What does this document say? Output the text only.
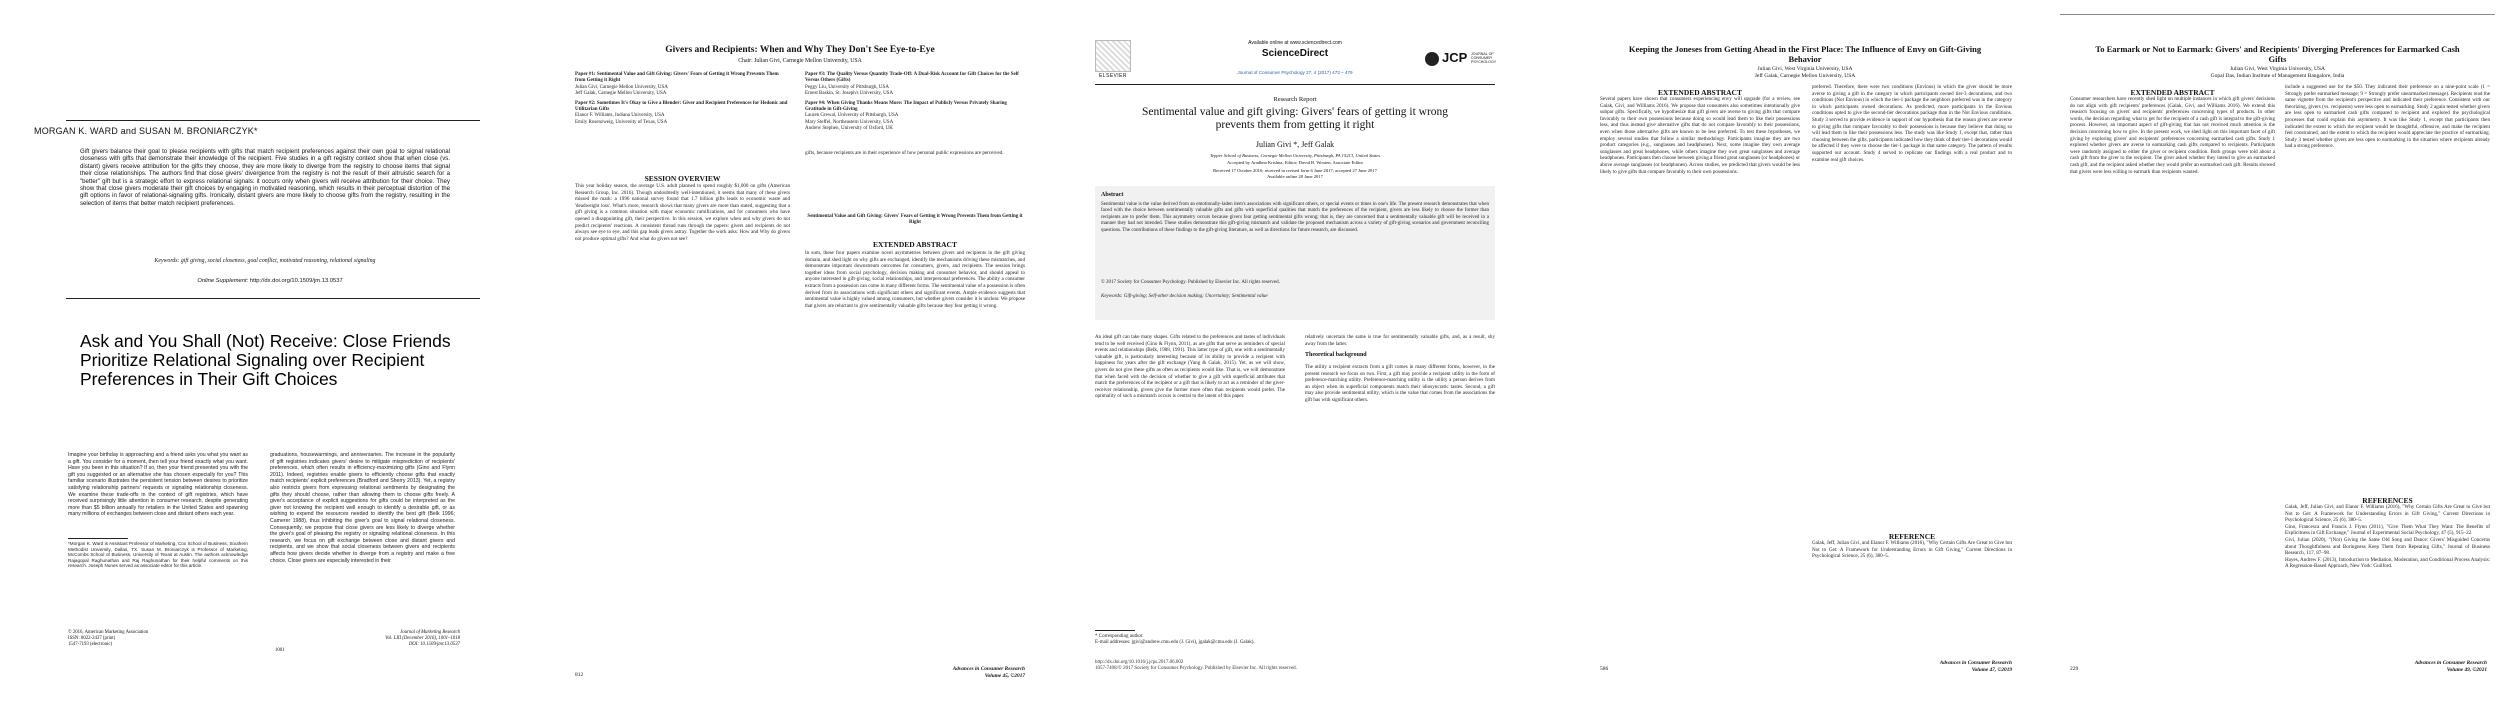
MORGAN K. WARD and SUSAN M. BRONIARCZYK*
Gift givers balance their goal to please recipients with gifts that match recipient preferences against their own goal to signal relational closeness with gifts that demonstrate their knowledge of the recipient. Five studies in a gift registry context show that when close (vs. distant) givers receive attribution for the gifts they choose, they are more likely to diverge from the registry to choose items that signal their close relationships. The authors find that close givers' divergence from the registry is not the result of their altruistic search for a "better" gift but is a strategic effort to express relational signals: it occurs only when givers will receive attribution for their choice. They show that close givers moderate their gift choices by engaging in motivated reasoning, which results in their perceptual distortion of the gift options in favor of relational-signaling gifts. Ironically, distant givers are more likely to choose gifts from the registry, resulting in the selection of items that better match recipient preferences.
Keywords: gift giving, social closeness, goal conflict, motivated reasoning, relational signaling
Online Supplement: http://dx.doi.org/10.1509/jm.13.0537
Ask and You Shall (Not) Receive: Close Friends Prioritize Relational Signaling over Recipient Preferences in Their Gift Choices
Imagine your birthday is approaching and a friend asks you what you want as a gift. You consider for a moment, then tell your friend exactly what you want. Have you been in this situation? If so, then your friend presented you with the gift you suggested or an alternative she has chosen especially for you? This familiar scenario illustrates the persistent tension between desires to prioritize satisfying relationship partners' requests or signaling relationship closeness. We examine these trade-offs in the context of gift registries, which have received surprisingly little attention in consumer research, despite generating more than $5 billion annually for retailers in the United States and spawning many millions of exchanges between close and distant others each year.
graduations, housewarmings, and anniversaries. The increase in the popularity of gift registries indicates givers' desire to mitigate misprediction of recipients' preferences, which often results in efficiency-maximizing gifts (Gino and Flynn 2011). Indeed, registries enable givers to efficiently choose gifts that exactly match recipients' explicit preferences (Bradford and Sherry 2013). Yet, a registry also restricts givers from expressing relational sentiments by designating the gifts they should choose, rather than allowing them to choose gifts freely. A giver's acceptance of explicit suggestions for gifts could be interpreted as the giver not knowing the recipient well enough to identify a desirable gift, or as wishing to expend the resources needed to identify the best gift (Belk 1996; Camerer 1988), thus inhibiting the giver's goal to signal relational closeness. Consequently, we propose that close givers are less likely to diverge whether the giver's goal of pleasing the registry or signaling relational closeness. In this research, we focus on gift exchange between close and distant givers and recipients, and we show that social closeness between givers and recipients affects how givers decide whether to diverge from a registry and make a free choice. Close givers are especially interested in their
*Morgan K. Ward is Assistant Professor of Marketing, Cox School of Business, Southern Methodist University, Dallas, TX. Susan M. Broniarczyk is Professor of Marketing, McCombs School of Business, University of Texas at Austin. The authors acknowledge Rajagopal Raghunathan and Raj Raghunathan for their helpful comments on this research. Joseph Nunes served as associate editor for this article.
© 2016, American Marketing Association
ISSN: 0022-2437 (print)
1547-7193 (electronic)
1001
Journal of Marketing Research
Vol. LIII (December 2016), 1001–1018
DOI: 10.1509/jmr.13.0537
Givers and Recipients: When and Why They Don't See Eye-to-Eye
Chair: Julian Givi, Carnegie Mellon University, USA
Paper #1: Sentimental Value and Gift Giving: Givers' Fears of Getting it Wrong Prevents Them from Getting it Right
Julian Givi, Carnegie Mellon University, USA
Jeff Galak, Carnegie Mellon University, USA
Paper #2: Sometimes It's Okay to Give a Blender: Giver and Recipient Preferences for Hedonic and Utilitarian Gifts
Elanor F. Williams, Indiana University, USA
Emily Rosenzweig, University of Texas, USA
Paper #3: The Quality Versus Quantity Trade-Off: A Dual-Risk Account for Gift Choices for the Self Versus Others (Gifts)
Peggy Liu, University of Pittsburgh, USA
Ernest Baskin, St. Joseph's University, USA
Paper #4: When Giving Thanks Means More: The Impact of Publicly Versus Privately Sharing Gratitude in Gift-Giving
Lauren Grewal, University of Pittsburgh, USA
Mary Steffel, Northeastern University, USA
Andrew Stephen, University of Oxford, UK
SESSION OVERVIEW
This year holiday season, the average U.S. adult planned to spend roughly $1,000 on gifts (American Research Group, Inc. 2016). Though undoubtedly well-intentioned, it seems that many of these givers missed the mark: a 1996 national survey found that 1.7 billion gifts leads to economic waste and 'deadweight loss'. What's more, research shows that many givers are more than stated, suggesting that a gift giving is a common situation with major economic ramifications, and for consumers who have opened a disappointing gift, their perspective. In this session, we explore when and why givers do not predict recipients' reactions. A consistent thread runs through the papers: givers and recipients do not always see eye to eye, and this gap leads givers astray. Together the work asks: How and Why do givers not produce optimal gifts? And what do givers not see?
gifts, because recipients are in their experience of how personal public expressions are perceived.
EXTENDED ABSTRACT
Sentimental Value and Gift Giving: Givers' Fears of Getting it Wrong Prevents Them from Getting it Right
In sum, these four papers examine novel asymmetries between givers and recipients in the gift giving domain, and shed light on why gifts are exchanged, identify the mechanisms driving these mismatches, and demonstrate important downstream outcomes for consumers, givers, and recipients. The session brings together ideas from social psychology, decision making and consumer behavior, and should appeal to anyone interested in gift-giving, social relationships, and interpersonal preferences. The ability a consumer extracts from a possession can come in many different forms. The sentimental value of a possession is often derived from its associations with significant others and significant events. Ample evidence suggests that sentimental value is highly valued among consumers, but whether givers consider it is unclear. We propose that givers are reluctant to give sentimentally valuable gifts because they fear getting it wrong.
812
Advances in Consumer Research
Volume 45, ©2017
ELSEVIER
Available online at www.sciencedirect.com
ScienceDirect
Journal of Consumer Psychology 27, 4 (2017) 473 – 479
JCP JOURNAL OF CONSUMER PSYCHOLOGY
Research Report
Sentimental value and gift giving: Givers' fears of getting it wrong prevents them from getting it right
Julian Givi *, Jeff Galak
Tepper School of Business, Carnegie Mellon University, Pittsburgh, PA 15213, United States
Accepted by Aradhna Krishna, Editor; David B. Wooten, Associate Editor
Received 17 October 2016; received in revised form 6 June 2017; accepted 27 June 2017
Available online 28 June 2017
Abstract
Sentimental value is the value derived from an emotionally-laden item's associations with significant others, or special events or times in one's life. The present research demonstrates that when faced with the choice between sentimentally valuable gifts and gifts with superficial qualities that match the preferences of the recipient, givers are less likely to choose the former than recipients are to prefer them. This asymmetry occurs because givers fear getting sentimental gifts wrong; that is, they are concerned that a sentimentally valuable gift will be received in a manner they had not intended. These studies demonstrate this gift-giving mismatch and validate the proposed mechanism across a variety of gift-giving scenarios and government reconciling questions. The contributions of these findings to the gift-giving literature, as well as directions for future research, are discussed.
© 2017 Society for Consumer Psychology. Published by Elsevier Inc. All rights reserved.
Keywords: Gift-giving; Self-other decision making; Uncertainty; Sentimental value
An ideal gift can take many shapes. Gifts related to the preferences and tastes of individuals tend to be well received (Gino & Flynn, 2011), as are gifts that serve as reminders of special events and relationships (Belk, 1988, 1991). This latter type of gift, one with a sentimentally valuable gift, is particularly interesting because of its ability to provide a recipient with happiness for years after the gift exchange (Yang & Galak, 2015). Yet, as we will show, givers do not give these gifts as often as recipients would like. That is, we will demonstrate that when faced with the decision of whether to give a gift with superficial attributes that match the preferences of the recipient or a gift that is likely to act as a reminder of the giver-receiver relationship, givers give the former more often than recipients would prefer. The optimality of such a mismatch occurs is central to the intent of this paper.
relatively uncertain the same is true for sentimentally valuable gifts, and, as a result, shy away from the latter.
Theoretical background
The utility a recipient extracts from a gift comes in many different forms, however, in the present research we focus on two. First, a gift may provide a recipient utility in the form of preference-matching utility. Preference-matching utility is the utility a person derives from an object when its superficial components match their idiosyncratic tastes. Second, a gift may also provide sentimental utility, which is the value that comes from the associations the gift has with significant others.
* Corresponding author.
E-mail addresses: jgivi@andrew.cmu.edu (J. Givi), jgalak@cmu.edu (J. Galak).
http://dx.doi.org/10.1016/j.jcps.2017.06.002
1057-7408/© 2017 Society for Consumer Psychology. Published by Elsevier Inc. All rights reserved.
Keeping the Joneses from Getting Ahead in the First Place: The Influence of Envy on Gift-Giving Behavior
Julian Givi, West Virginia University, USA
Jeff Galak, Carnegie Mellon University, USA
EXTENDED ABSTRACT
Several papers have shown that consumers experiencing envy will upgrade (for a review, see Galak, Givi, and Williams 2016). We propose that consumers also sometimes intentionally give subpar gifts. Specifically, we hypothesize that gift givers are averse to giving gifts that compare favorably to their own possessions because doing so would lead them to like their possessions less, and thus instead give alternative gifts that do not compare favorably to their possessions, even when those alternative gifts are known to be less preferred. To test these hypotheses, we employ several studies that follow a similar methodology. Participants imagine they are two product categories (e.g., sunglasses and headphones). Next, some imagine they own average sunglasses and great headphones, while others imagine they own great sunglasses and average headphones. Participants then choose between giving a friend great sunglasses (or headphones) or above average sunglasses (or headphones). Across studies, we predicted that givers would be less likely to give gifts that compare favorably to their own possessions.
preferred. Therefore, there were two conditions (Envious) in which the giver should be more averse to giving a gift in the category in which participants owned tier-3 decorations, and two conditions (Not Envious) in which the tier-1 package the neighbors preferred was in the category in which participants owned decorations. As predicted, more participants in the Envious conditions opted to give the second-tier decorations package than in the Not Envious conditions. Study 3 served to provide evidence in support of our hypothesis that the reason givers are averse to giving gifts that compare favorably to their possessions is because they believe that doing so will lead them to like their possessions less. The study was like Study 1, except that, rather than choosing between the gifts, participants indicated how they think of their tier-1 decorations would be affected if they were to choose the tier-1 package in that same category. The pattern of results supported our account. Study 4 served to replicate our findings with a real product and to examine real gift choices.
REFERENCE
Galak, Jeff, Julian Givi, and Elanor F. Williams (2016), "Why Certain Gifts Are Great to Give but Not to Get: A Framework for Understanding Errors in Gift Giving," Current Directions in Psychological Science, 25 (6), 380–5.
586
Advances in Consumer Research
Volume 47, ©2019
To Earmark or Not to Earmark: Givers' and Recipients' Diverging Preferences for Earmarked Cash Gifts
Julian Givi, West Virginia University, USA
Gopal Das, Indian Institute of Management Bangalore, India
EXTENDED ABSTRACT
Consumer researchers have recently shed light on multiple instances in which gift givers' decisions do not align with gift recipients' preferences (Galak, Givi, and Williams 2016). We extend this research focusing on givers' and recipients' preferences concerning types of products. In other words, the decision regarding what to get for the recipient of a cash gift is integral to the gift-giving process. However, an important aspect of gift-giving that has not received much attention is the decision concerning how to give. In the present work, we shed light on this important facet of gift giving by exploring givers' and recipients' preferences concerning earmarked cash gifts. Study 1 explored whether givers are averse to earmarking cash gifts compared to recipients. Participants were randomly assigned to either the giver or recipient condition. Both groups were told about a cash gift from the giver to the recipient. The giver asked whether they intend to give an earmarked cash gift, and the recipient asked whether they would prefer an earmarked cash gift. Results showed that givers were less willing to earmark than recipients wanted.
include a suggested use for the $50. They indicated their preference on a nine-point scale (1 = Strongly prefer earmarked message; 9 = Strongly prefer unearmarked message). Recipients read the same vignette from the recipient's perspective and indicated their preference. Consistent with our theorizing, givers (vs. recipients) were less open to earmarking. Study 2 again tested whether givers are less open to earmarked cash gifts compared to recipient and explored the psychological processes that could explain this asymmetry. It was like Study 1, except that participants then indicated the extent to which the recipient would be thoughtful, offensive, and make the recipient feel constrained, and the extent to which the recipient would appreciate the practice of earmarking. Study 3 tested whether givers are less open to earmarking in the situation where recipients already had a strong preference.
REFERENCES
Galak, Jeff, Julian Givi, and Elanor F. Williams (2016), "Why Certain Gifts Are Great to Give but Not to Get: A Framework for Understanding Errors in Gift Giving," Current Directions in Psychological Science, 25 (6), 380–5.
Gino, Francesca and Francis J. Flynn (2011), "Give Them What They Want: The Benefits of Explicitness in Gift Exchange," Journal of Experimental Social Psychology, 47 (5), 915–22.
Givi, Julian (2020), "(Not) Giving the Same Old Song and Dance: Givers' Misguided Concerns about Thoughtfulness and Boringness Keep Them from Repeating Gifts," Journal of Business Research, 117, 87–98.
Hayes, Andrew F. (2013), Introduction to Mediation, Moderation, and Conditional Process Analysis: A Regression-Based Approach, New York: Guilford.
229
Advances in Consumer Research
Volume 49, ©2021
